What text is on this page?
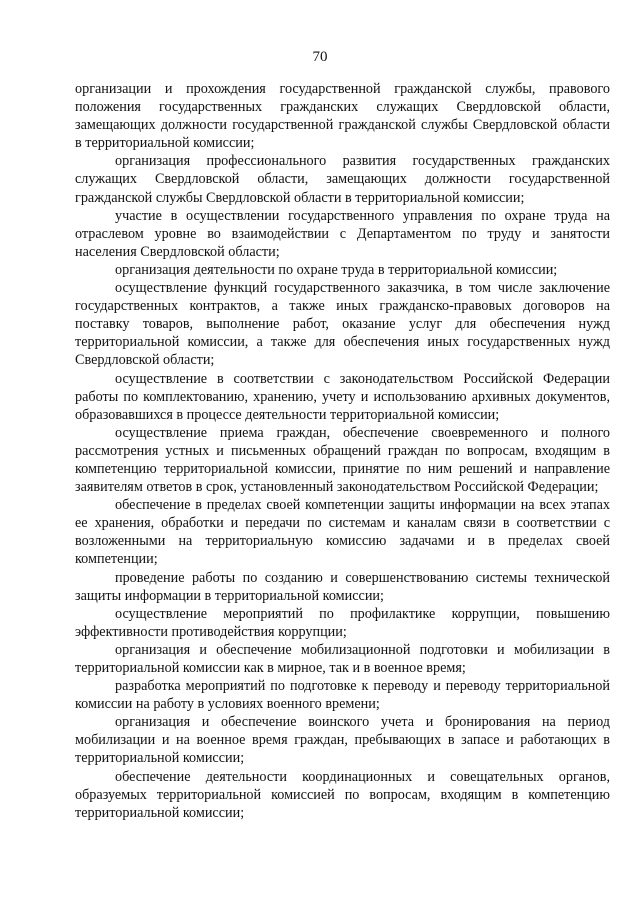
70

организации и прохождения государственной гражданской службы, правового положения государственных гражданских служащих Свердловской области, замещающих должности государственной гражданской службы Свердловской области в территориальной комиссии;

организация профессионального развития государственных гражданских служащих Свердловской области, замещающих должности государственной гражданской службы Свердловской области в территориальной комиссии;

участие в осуществлении государственного управления по охране труда на отраслевом уровне во взаимодействии с Департаментом по труду и занятости населения Свердловской области;

организация деятельности по охране труда в территориальной комиссии;

осуществление функций государственного заказчика, в том числе заключение государственных контрактов, а также иных гражданско-правовых договоров на поставку товаров, выполнение работ, оказание услуг для обеспечения нужд территориальной комиссии, а также для обеспечения иных государственных нужд Свердловской области;

осуществление в соответствии с законодательством Российской Федерации работы по комплектованию, хранению, учету и использованию архивных документов, образовавшихся в процессе деятельности территориальной комиссии;

осуществление приема граждан, обеспечение своевременного и полного рассмотрения устных и письменных обращений граждан по вопросам, входящим в компетенцию территориальной комиссии, принятие по ним решений и направление заявителям ответов в срок, установленный законодательством Российской Федерации;

обеспечение в пределах своей компетенции защиты информации на всех этапах ее хранения, обработки и передачи по системам и каналам связи в соответствии с возложенными на территориальную комиссию задачами и в пределах своей компетенции;

проведение работы по созданию и совершенствованию системы технической защиты информации в территориальной комиссии;

осуществление мероприятий по профилактике коррупции, повышению эффективности противодействия коррупции;

организация и обеспечение мобилизационной подготовки и мобилизации в территориальной комиссии как в мирное, так и в военное время;

разработка мероприятий по подготовке к переводу и переводу территориальной комиссии на работу в условиях военного времени;

организация и обеспечение воинского учета и бронирования на период мобилизации и на военное время граждан, пребывающих в запасе и работающих в территориальной комиссии;

обеспечение деятельности координационных и совещательных органов, образуемых территориальной комиссией по вопросам, входящим в компетенцию территориальной комиссии;
